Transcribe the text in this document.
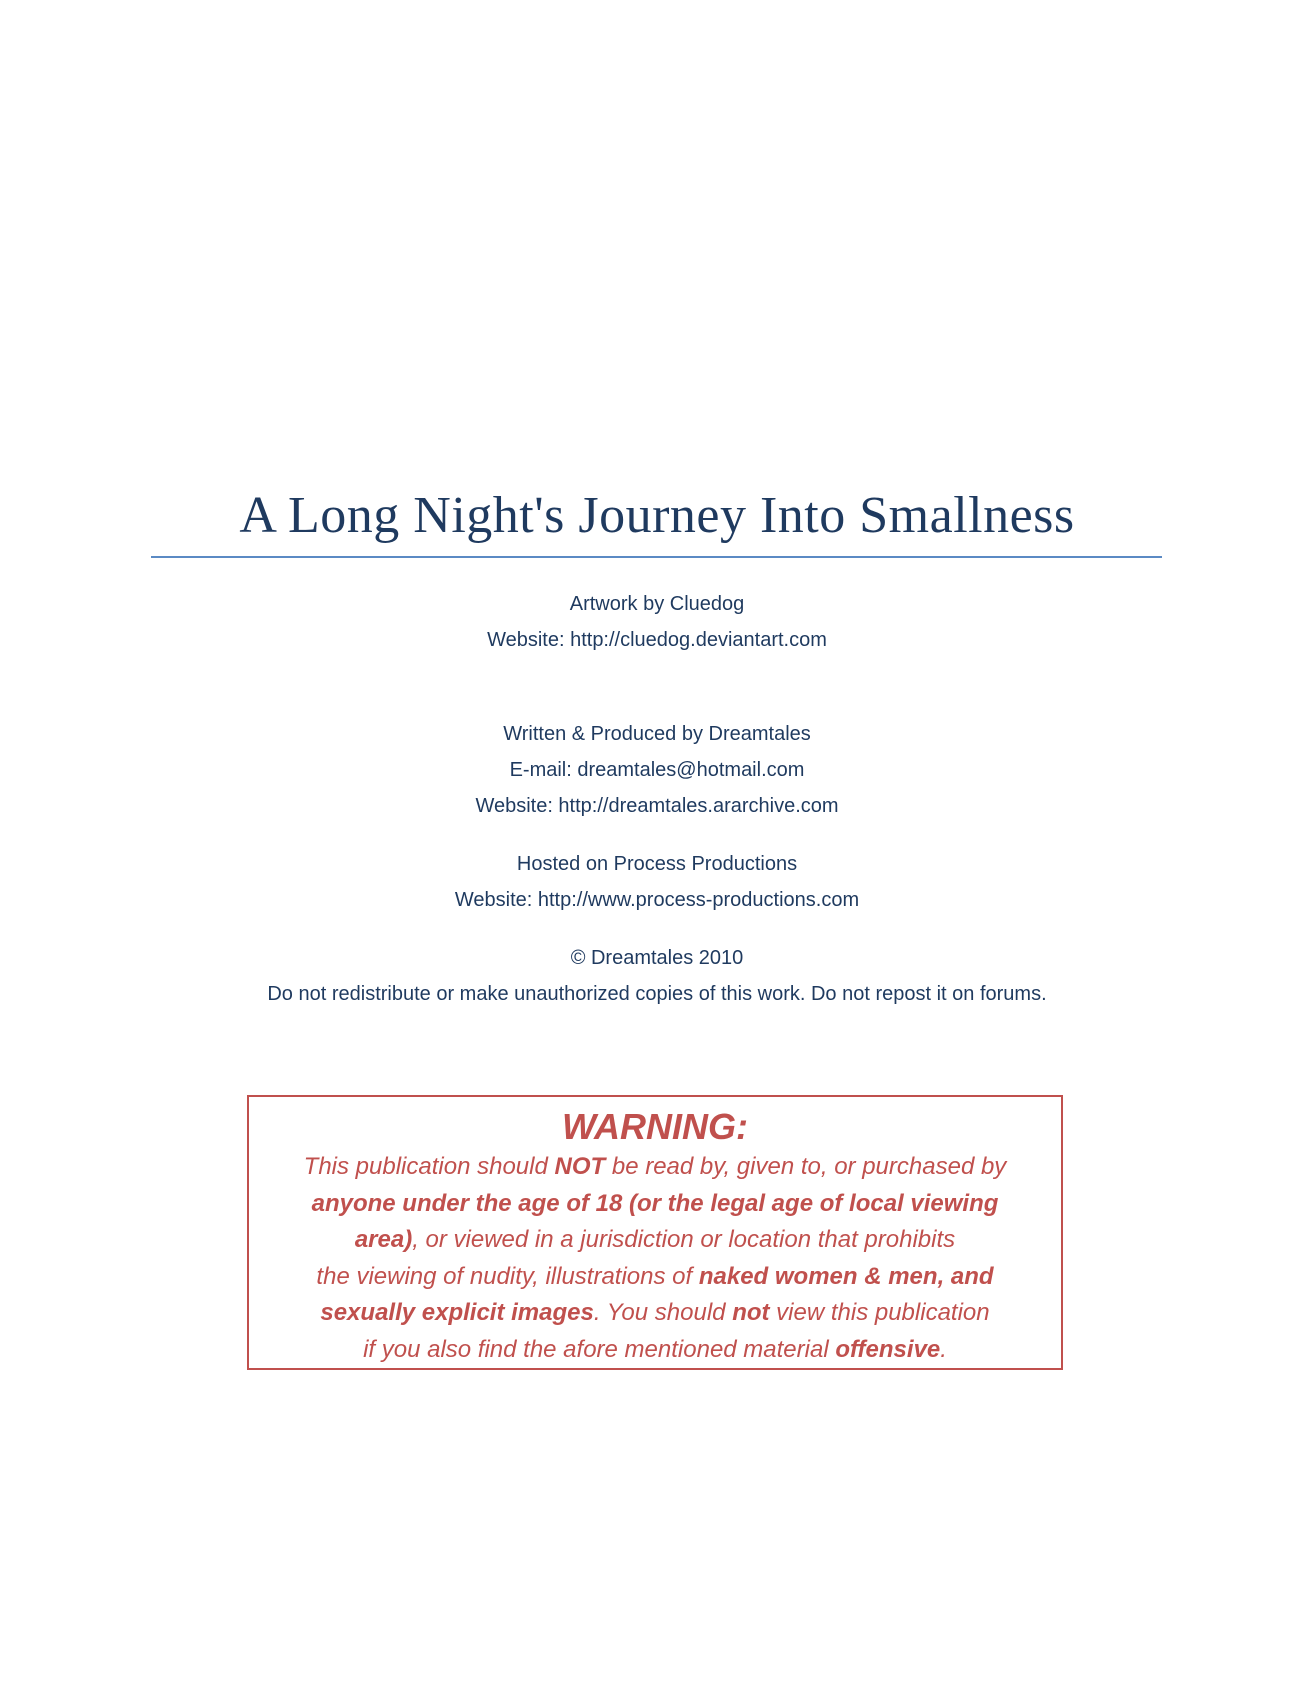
A Long Night's Journey Into Smallness
Artwork by Cluedog
Website: http://cluedog.deviantart.com
Written & Produced by Dreamtales
E-mail: dreamtales@hotmail.com
Website: http://dreamtales.ararchive.com
Hosted on Process Productions
Website: http://www.process-productions.com
© Dreamtales 2010
Do not redistribute or make unauthorized copies of this work. Do not repost it on forums.
WARNING:
This publication should NOT be read by, given to, or purchased by
anyone under the age of 18 (or the legal age of local viewing
area), or viewed in a jurisdiction or location that prohibits
the viewing of nudity, illustrations of naked women & men, and
sexually explicit images. You should not view this publication
if you also find the afore mentioned material offensive.
